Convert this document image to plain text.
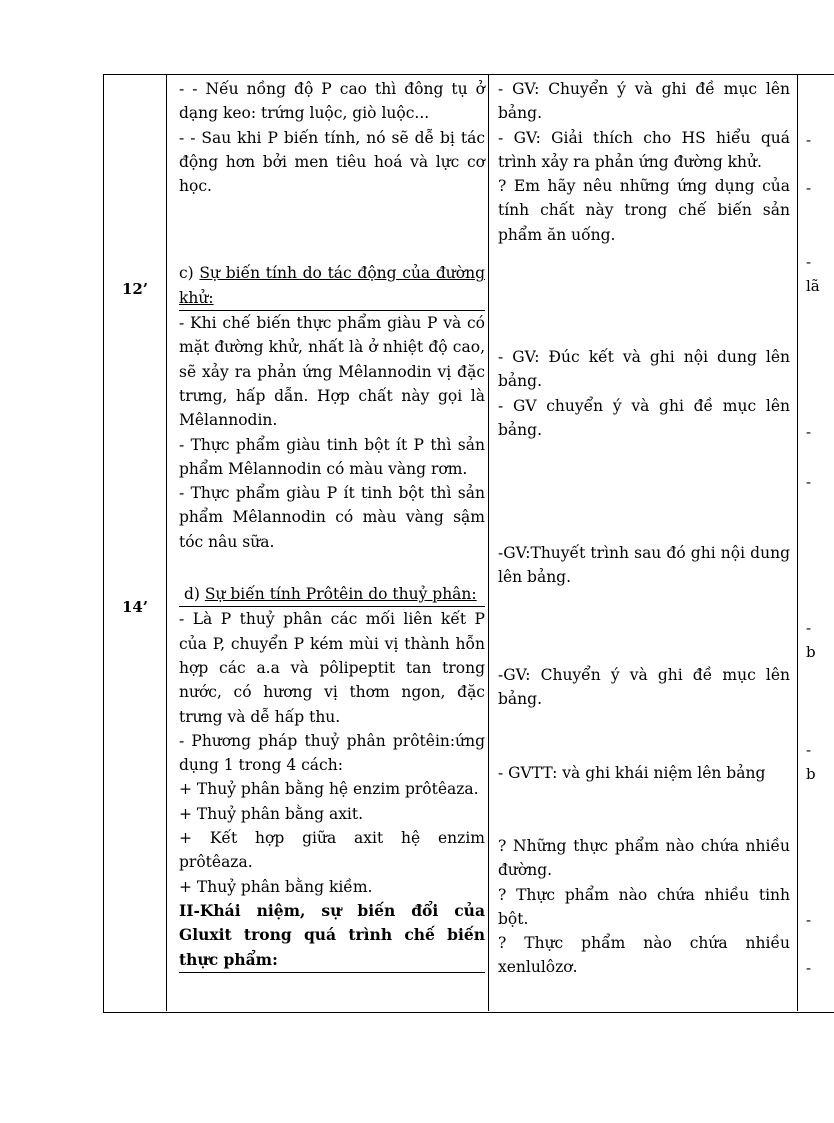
12’
14’

- - Nếu nồng độ P cao thì đông tụ ở dạng keo: trứng luộc, giò luộc...

- - Sau khi P biến tính, nó sẽ dễ bị tác động hơn bởi men tiêu hoá và lực cơ học.

c) Sự biến tính do tác động của đường khử:

- Khi chế biến thực phẩm giàu P và có mặt đường khử, nhất là ở nhiệt độ cao, sẽ xảy ra phản ứng Mêlannodin vị đặc trưng, hấp dẫn. Hợp chất này gọi là Mêlannodin.

- Thực phẩm giàu tinh bột ít P thì sản phẩm Mêlannodin có màu vàng rơm.

- Thực phẩm giàu P ít tinh bột thì sản phẩm Mêlannodin có màu vàng sậm tóc nâu sữa.

d) Sự biến tính Prôtêin do thuỷ phân:

- Là P thuỷ phân các mối liên kết P của P, chuyển P kém mùi vị thành hỗn hợp các a.a và pôlipeptit tan trong nước, có hương vị thơm ngon, đặc trưng và dễ hấp thu.

- Phương pháp thuỷ phân prôtêin:ứng dụng 1 trong 4 cách:

+ Thuỷ phân bằng hệ enzim prôtêaza.

+ Thuỷ phân bằng axit.

+ Kết hợp giữa axit hệ enzim prôtêaza.

+ Thuỷ phân bằng kiềm.

II-Khái niệm, sự biến đổi của Gluxit trong quá trình chế biến thực phẩm:

- GV: Chuyển ý và ghi đề mục lên bảng.

- GV: Giải thích cho HS hiểu quá trình xảy ra phản ứng đường khử.

? Em hãy nêu những ứng dụng của tính chất này trong chế biến sản phẩm ăn uống.

- GV: Đúc kết và ghi nội dung lên bảng.

- GV chuyển ý và ghi đề mục lên bảng.

-GV:Thuyết trình sau đó ghi nội dung lên bảng.

-GV: Chuyển ý và ghi đề mục lên bảng.

- GVTT: và ghi khái niệm lên bảng

? Những thực phẩm nào chứa nhiều đường.

? Thực phẩm nào chứa nhiều tinh bột.

? Thực phẩm nào chứa nhiều xenlulôzơ.

-
-
-
lã
-
-
-
b
-
b
-
-
